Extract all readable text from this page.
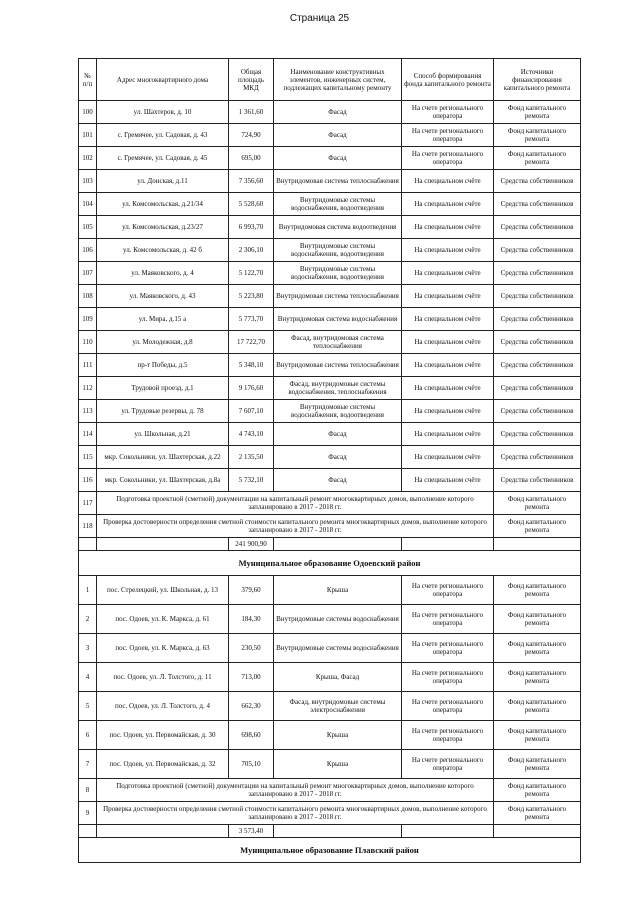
Страница 25
№ п/п	Адрес многоквартирного дома	Общая площадь МКД	Наименование конструктивных элементов, инженерных систем, подлежащих капитальному ремонту	Способ формирования фонда капитального ремонта	Источники финансирования капитального ремонта
100	ул. Шахтеров, д. 10	1 361,60	Фасад	На счете регионального оператора	Фонд капитального ремонта
101	с. Гремячее, ул. Садовая, д. 43	724,90	Фасад	На счете регионального оператора	Фонд капитального ремонта
102	с. Гремячее, ул. Садовая, д. 45	695,00	Фасад	На счете регионального оператора	Фонд капитального ремонта
103	ул. Донская, д.11	7 356,60	Внутридомовая система теплоснабжения	На специальном счёте	Средства собственников
104	ул. Комсомольская, д.21/34	5 528,60	Внутридомовые системы водоснабжения, водоотведения	На специальном счёте	Средства собственников
105	ул. Комсомольская, д.23/27	6 993,70	Внутридомовая система водоотведения	На специальном счёте	Средства собственников
106	ул. Комсомольская, д. 42 б	2 306,10	Внутридомовые системы водоснабжения, водоотведения	На специальном счёте	Средства собственников
107	ул. Маяковского, д. 4	5 122,70	Внутридомовые системы водоснабжения, водоотведения	На специальном счёте	Средства собственников
108	ул. Маяковского, д. 43	5 223,80	Внутридомовая система теплоснабжения	На специальном счёте	Средства собственников
109	ул. Мира, д.15 а	5 773,70	Внутридомовая система водоснабжения	На специальном счёте	Средства собственников
110	ул. Молодежная, д.8	17 722,70	Фасад, внутридомовая система теплоснабжения	На специальном счёте	Средства собственников
111	пр-т Победы, д.5	5 348,10	Внутридомовая система теплоснабжения	На специальном счёте	Средства собственников
112	Трудовой проезд, д.1	9 176,60	Фасад, внутридомовые системы водоснабжения, теплоснабжения	На специальном счёте	Средства собственников
113	ул. Трудовые резервы, д. 78	7 607,10	Внутридомовые системы водоснабжения, водоотведения	На специальном счёте	Средства собственников
114	ул. Школьная, д.21	4 743,10	Фасад	На специальном счёте	Средства собственников
115	мкр. Сокольники, ул. Шахтерская, д.22	2 135,50	Фасад	На специальном счёте	Средства собственников
116	мкр. Сокольники, ул. Шахтерская, д.8а	5 732,10	Фасад	На специальном счёте	Средства собственников
117	Подготовка проектной (сметной) документации на капитальный ремонт многоквартирных домов, выполнение которого запланировано в 2017 - 2018 гг.				Фонд капитального ремонта
118	Проверка достоверности определения сметной стоимости капитального ремонта многоквартирных домов, выполнение которого запланировано в 2017 - 2018 гг.				Фонд капитального ремонта
		241 900,90			
Муниципальное образование Одоевский район					
1	пос. Стрелецкий, ул. Школьная, д. 13	379,60	Крыша	На счете регионального оператора	Фонд капитального ремонта
2	пос. Одоев, ул. К. Маркса, д. 61	184,30	Внутридомовые системы водоснабжения	На счете регионального оператора	Фонд капитального ремонта
3	пос. Одоев, ул. К. Маркса, д. 63	230,50	Внутридомовые системы водоснабжения	На счете регионального оператора	Фонд капитального ремонта
4	пос. Одоев, ул. Л. Толстого, д. 11	713,00	Крыша, Фасад	На счете регионального оператора	Фонд капитального ремонта
5	пос. Одоев, ул. Л. Толстого, д. 4	662,30	Фасад, внутридомовые системы электроснабжения	На счете регионального оператора	Фонд капитального ремонта
6	пос. Одоев, ул. Первомайская, д. 30	698,60	Крыша	На счете регионального оператора	Фонд капитального ремонта
7	пос. Одоев, ул. Первомайская, д. 32	705,10	Крыша	На счете регионального оператора	Фонд капитального ремонта
8	Подготовка проектной (сметной) документации на капитальный ремонт многоквартирных домов, выполнение которого запланировано в 2017 - 2018 гг.				Фонд капитального ремонта
9	Проверка достоверности определения сметной стоимости капитального ремонта многоквартирных домов, выполнение которого запланировано в 2017 - 2018 гг.				Фонд капитального ремонта
		3 573,40			
Муниципальное образование Плавский район					
